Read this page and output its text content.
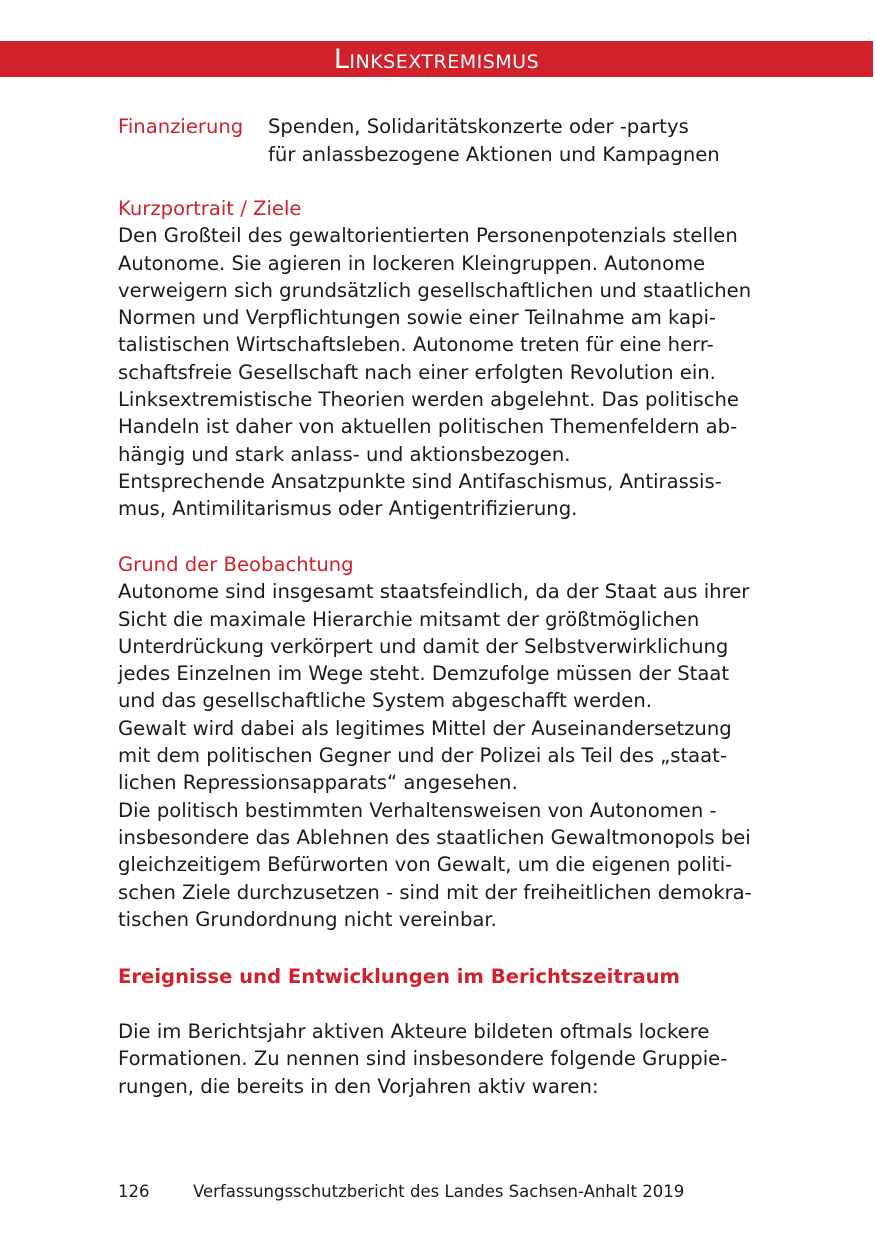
Linksextremismus
Finanzierung Spenden, Solidaritätskonzerte oder -partys
für anlassbezogene Aktionen und Kampagnen
Kurzportrait / Ziele
Den Großteil des gewaltorientierten Personenpotenzials stellen
Autonome. Sie agieren in lockeren Kleingruppen. Autonome
verweigern sich grundsätzlich gesellschaftlichen und staatlichen
Normen und Verpflichtungen sowie einer Teilnahme am kapi-
talistischen Wirtschaftsleben. Autonome treten für eine herr-
schaftsfreie Gesellschaft nach einer erfolgten Revolution ein.
Linksextremistische Theorien werden abgelehnt. Das politische
Handeln ist daher von aktuellen politischen Themenfeldern ab-
hängig und stark anlass- und aktionsbezogen.
Entsprechende Ansatzpunkte sind Antifaschismus, Antirassis-
mus, Antimilitarismus oder Antigentrifizierung.
Grund der Beobachtung
Autonome sind insgesamt staatsfeindlich, da der Staat aus ihrer
Sicht die maximale Hierarchie mitsamt der größtmöglichen
Unterdrückung verkörpert und damit der Selbstverwirklichung
jedes Einzelnen im Wege steht. Demzufolge müssen der Staat
und das gesellschaftliche System abgeschafft werden.
Gewalt wird dabei als legitimes Mittel der Auseinandersetzung
mit dem politischen Gegner und der Polizei als Teil des „staat-
lichen Repressionsapparats“ angesehen.
Die politisch bestimmten Verhaltensweisen von Autonomen -
insbesondere das Ablehnen des staatlichen Gewaltmonopols bei
gleichzeitigem Befürworten von Gewalt, um die eigenen politi-
schen Ziele durchzusetzen - sind mit der freiheitlichen demokra-
tischen Grundordnung nicht vereinbar.
Ereignisse und Entwicklungen im Berichtszeitraum
Die im Berichtsjahr aktiven Akteure bildeten oftmals lockere
Formationen. Zu nennen sind insbesondere folgende Gruppie-
rungen, die bereits in den Vorjahren aktiv waren:
126	Verfassungsschutzbericht des Landes Sachsen-Anhalt 2019
